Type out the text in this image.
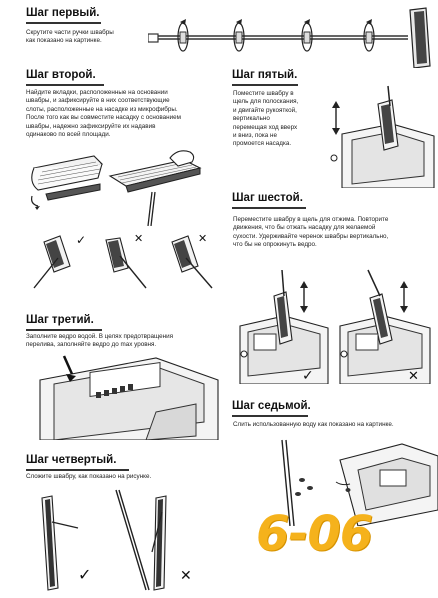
Шаг первый.
Скрутите части ручки швабры
как показано на картинке.
Шаг второй.
Найдите вкладки, расположенные на основании
швабры, и зафиксируйте в них соответствующие
слоты, расположенные на насадке из микрофибры.
После того как вы совместите насадку с основанием
швабры, надежно зафиксируйте их надавив
одинаково по всей площади.
✓	✕	✕
Шаг третий.
Заполните ведро водой. В целях предотвращения
перелива, заполняйте ведро до max уровня.
Шаг четвертый.
Сложите швабру, как показано на рисунке.
✓	✕
Шаг пятый.
Поместите швабру в
щель для полоскания,
и двигайте рукояткой,
вертикально
перемещая ход вверх
и вниз, пока не
промоется насадка.
Шаг шестой.
Переместите швабру в щель для отжима. Повторите
движения, что бы отжать насадку для желаемой
сухости. Удерживайте черенок швабры вертикально,
что бы не опрокинуть ведро.
✓	✕
Шаг седьмой.
Слить использованную воду как показано на картинке.
6-06
